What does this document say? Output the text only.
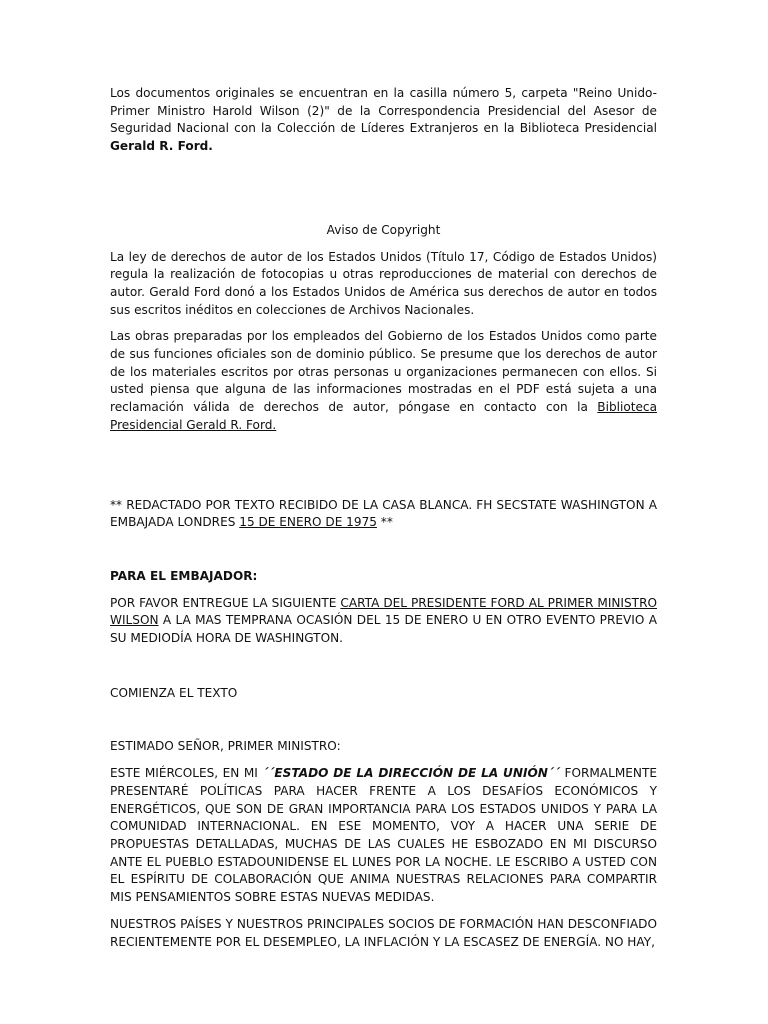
Los documentos originales se encuentran en la casilla número 5, carpeta "Reino Unido-Primer Ministro Harold Wilson (2)" de la Correspondencia Presidencial del Asesor de Seguridad Nacional con la Colección de Líderes Extranjeros en la Biblioteca Presidencial Gerald R. Ford.

Aviso de Copyright

La ley de derechos de autor de los Estados Unidos (Título 17, Código de Estados Unidos) regula la realización de fotocopias u otras reproducciones de material con derechos de autor. Gerald Ford donó a los Estados Unidos de América sus derechos de autor en todos sus escritos inéditos en colecciones de Archivos Nacionales.

Las obras preparadas por los empleados del Gobierno de los Estados Unidos como parte de sus funciones oficiales son de dominio público. Se presume que los derechos de autor de los materiales escritos por otras personas u organizaciones permanecen con ellos. Si usted piensa que alguna de las informaciones mostradas en el PDF está sujeta a una reclamación válida de derechos de autor, póngase en contacto con la Biblioteca Presidencial Gerald R. Ford.

** REDACTADO POR TEXTO RECIBIDO DE LA CASA BLANCA. FH SECSTATE WASHINGTON A EMBAJADA LONDRES 15 DE ENERO DE 1975 **

PARA EL EMBAJADOR:

POR FAVOR ENTREGUE LA SIGUIENTE CARTA DEL PRESIDENTE FORD AL PRIMER MINISTRO WILSON A LA MAS TEMPRANA OCASIÓN DEL 15 DE ENERO U EN OTRO EVENTO PREVIO A SU MEDIODÍA HORA DE WASHINGTON.

COMIENZA EL TEXTO

ESTIMADO SEÑOR, PRIMER MINISTRO:

ESTE MIÉRCOLES, EN MI ´´ESTADO DE LA DIRECCIÓN DE LA UNIÓN´´ FORMALMENTE PRESENTARÉ POLÍTICAS PARA HACER FRENTE A LOS DESAFÍOS ECONÓMICOS Y ENERGÉTICOS, QUE SON DE GRAN IMPORTANCIA PARA LOS ESTADOS UNIDOS Y PARA LA COMUNIDAD INTERNACIONAL. EN ESE MOMENTO, VOY A HACER UNA SERIE DE PROPUESTAS DETALLADAS, MUCHAS DE LAS CUALES HE ESBOZADO EN MI DISCURSO ANTE EL PUEBLO ESTADOUNIDENSE EL LUNES POR LA NOCHE. LE ESCRIBO A USTED CON EL ESPÍRITU DE COLABORACIÓN QUE ANIMA NUESTRAS RELACIONES PARA COMPARTIR MIS PENSAMIENTOS SOBRE ESTAS NUEVAS MEDIDAS.

NUESTROS PAÍSES Y NUESTROS PRINCIPALES SOCIOS DE FORMACIÓN HAN DESCONFIADO RECIENTEMENTE POR EL DESEMPLEO, LA INFLACIÓN Y LA ESCASEZ DE ENERGÍA. NO HAY,
